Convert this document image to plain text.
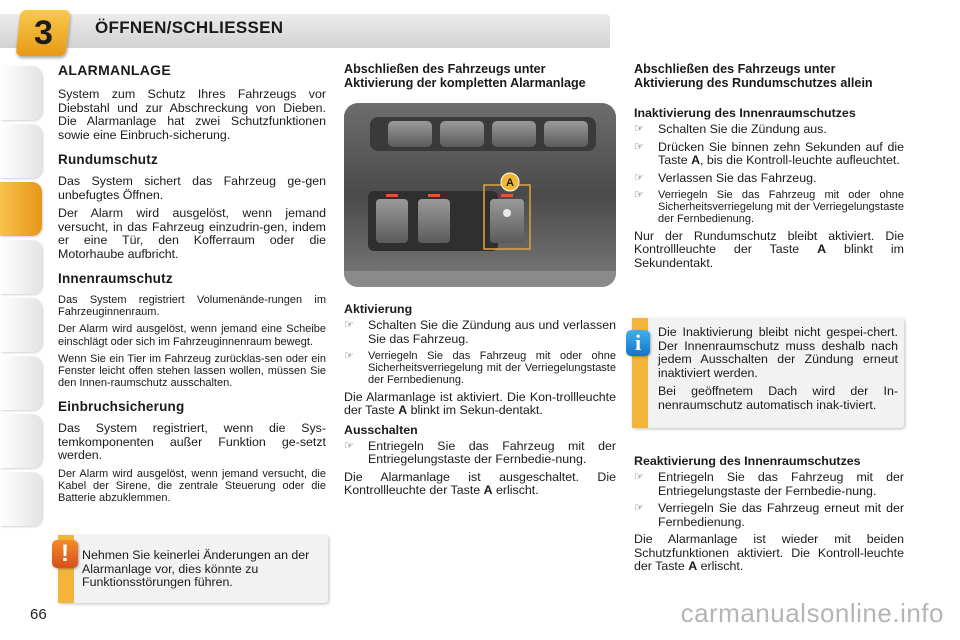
3	ÖFFNEN/SCHLIESSEN
ALARMANLAGE

System zum Schutz Ihres Fahrzeugs vor Diebstahl und zur Abschreckung von Dieben. Die Alarmanlage hat zwei Schutzfunktionen sowie eine Einbruch-sicherung.

Rundumschutz

Das System sichert das Fahrzeug ge-gen unbefugtes Öffnen.

Der Alarm wird ausgelöst, wenn jemand versucht, in das Fahrzeug einzudrin-gen, indem er eine Tür, den Kofferraum oder die Motorhaube aufbricht.

Innenraumschutz

Das System registriert Volumenände-rungen im Fahrzeuginnenraum.

Der Alarm wird ausgelöst, wenn jemand eine Scheibe einschlägt oder sich im Fahrzeuginnenraum bewegt.

Wenn Sie ein Tier im Fahrzeug zurücklas-sen oder ein Fenster leicht offen stehen lassen wollen, müssen Sie den Innen-raumschutz ausschalten.

Einbruchsicherung

Das System registriert, wenn die Sys-temkomponenten außer Funktion ge-setzt werden.

Der Alarm wird ausgelöst, wenn jemand versucht, die Kabel der Sirene, die zentrale Steuerung oder die Batterie abzuklemmen.

Nehmen Sie keinerlei Änderungen an der Alarmanlage vor, dies könnte zu Funktionsstörungen führen.
!
Abschließen des Fahrzeugs unter Aktivierung der kompletten Alarmanlage
A
Aktivierung
☞	Schalten Sie die Zündung aus und verlassen Sie das Fahrzeug.
☞	Verriegeln Sie das Fahrzeug mit oder ohne Sicherheitsverriegelung mit der Verriegelungstaste der Fernbedienung.

Die Alarmanlage ist aktiviert. Die Kon-trollleuchte der Taste A blinkt im Sekun-dentakt.

Ausschalten
☞	Entriegeln Sie das Fahrzeug mit der Entriegelungstaste der Fernbedie-nung.

Die Alarmanlage ist ausgeschaltet. Die Kontrollleuchte der Taste A erlischt.

Abschließen des Fahrzeugs unter Aktivierung des Rundumschutzes allein
Inaktivierung des Innenraumschutzes
☞	Schalten Sie die Zündung aus.
☞	Drücken Sie binnen zehn Sekunden auf die Taste A, bis die Kontroll-leuchte aufleuchtet.
☞	Verlassen Sie das Fahrzeug.
☞	Verriegeln Sie das Fahrzeug mit oder ohne Sicherheitsverriegelung mit der Verriegelungstaste der Fernbedienung.

Nur der Rundumschutz bleibt aktiviert. Die Kontrollleuchte der Taste A blinkt im Sekundentakt.

Die Inaktivierung bleibt nicht gespei-chert. Der Innenraumschutz muss deshalb nach jedem Ausschalten der Zündung erneut inaktiviert werden.

Bei geöffnetem Dach wird der In-nenraumschutz automatisch inak-tiviert.

i
Reaktivierung des Innenraumschutzes
☞	Entriegeln Sie das Fahrzeug mit der Entriegelungstaste der Fernbedie-nung.
☞	Verriegeln Sie das Fahrzeug erneut mit der Fernbedienung.

Die Alarmanlage ist wieder mit beiden Schutzfunktionen aktiviert. Die Kontroll-leuchte der Taste A erlischt.

66	carmanualsonline.info
